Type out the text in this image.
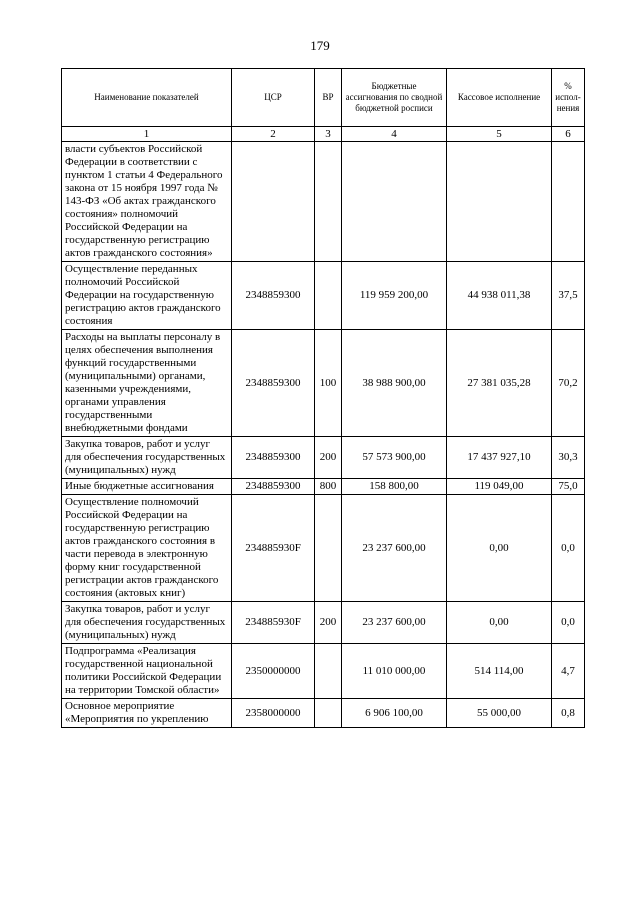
179
Наименование показателей	ЦСР	ВР	Бюджетные ассигнования по сводной бюджетной росписи	Кассовое исполнение	% испол-нения
1	2	3	4	5	6
власти субъектов Российской Федерации в соответствии с пунктом 1 статьи 4 Федерального закона от 15 ноября 1997 года № 143-ФЗ «Об актах гражданского состояния» полномочий Российской Федерации на государственную регистрацию актов гражданского состояния»					
Осуществление переданных полномочий Российской Федерации на государственную регистрацию актов гражданского состояния	2348859300		119 959 200,00	44 938 011,38	37,5
Расходы на выплаты персоналу в целях обеспечения выполнения функций государственными (муниципальными) органами, казенными учреждениями, органами управления государственными внебюджетными фондами	2348859300	100	38 988 900,00	27 381 035,28	70,2
Закупка товаров, работ и услуг для обеспечения государственных (муниципальных) нужд	2348859300	200	57 573 900,00	17 437 927,10	30,3
Иные бюджетные ассигнования	2348859300	800	158 800,00	119 049,00	75,0
Осуществление полномочий Российской Федерации на государственную регистрацию актов гражданского состояния в части перевода в электронную форму книг государственной регистрации актов гражданского состояния (актовых книг)	234885930F		23 237 600,00	0,00	0,0
Закупка товаров, работ и услуг для обеспечения государственных (муниципальных) нужд	234885930F	200	23 237 600,00	0,00	0,0
Подпрограмма «Реализация государственной национальной политики Российской Федерации на территории Томской области»	2350000000		11 010 000,00	514 114,00	4,7
Основное мероприятие «Мероприятия по укреплению	2358000000		6 906 100,00	55 000,00	0,8
